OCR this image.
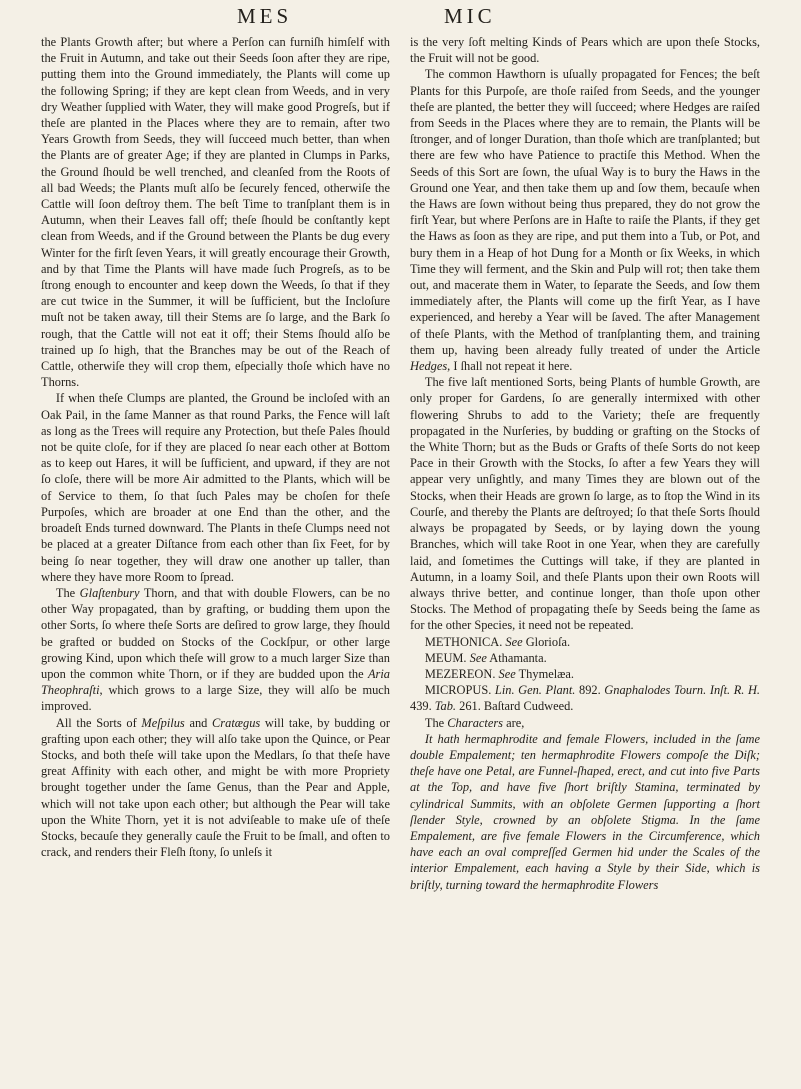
MES	MIC

the Plants Growth after; but where a Perſon can furniſh himſelf with the Fruit in Autumn, and take out their Seeds ſoon after they are ripe, putting them into the Ground immediately, the Plants will come up the following Spring; if they are kept clean from Weeds, and in very dry Weather ſupplied with Water, they will make good Progreſs, but if theſe are planted in the Places where they are to remain, after two Years Growth from Seeds, they will ſucceed much better, than when the Plants are of greater Age; if they are planted in Clumps in Parks, the Ground ſhould be well trenched, and cleanſed from the Roots of all bad Weeds; the Plants muſt alſo be ſecurely fenced, otherwiſe the Cattle will ſoon deſtroy them. The beſt Time to tranſplant them is in Autumn, when their Leaves fall off; theſe ſhould be conſtantly kept clean from Weeds, and if the Ground between the Plants be dug every Winter for the firſt ſeven Years, it will greatly encourage their Growth, and by that Time the Plants will have made ſuch Progreſs, as to be ſtrong enough to encounter and keep down the Weeds, ſo that if they are cut twice in the Summer, it will be ſufficient, but the Incloſure muſt not be taken away, till their Stems are ſo large, and the Bark ſo rough, that the Cattle will not eat it off; their Stems ſhould alſo be trained up ſo high, that the Branches may be out of the Reach of Cattle, otherwiſe they will crop them, eſpecially thoſe which have no Thorns.

If when theſe Clumps are planted, the Ground be incloſed with an Oak Pail, in the ſame Manner as that round Parks, the Fence will laſt as long as the Trees will require any Protection, but theſe Pales ſhould not be quite cloſe, for if they are placed ſo near each other at Bottom as to keep out Hares, it will be ſufficient, and upward, if they are not ſo cloſe, there will be more Air admitted to the Plants, which will be of Service to them, ſo that ſuch Pales may be choſen for theſe Purpoſes, which are broader at one End than the other, and the broadeſt Ends turned downward. The Plants in theſe Clumps need not be placed at a greater Diſtance from each other than ſix Feet, for by being ſo near together, they will draw one another up taller, than where they have more Room to ſpread.

The Glaſtenbury Thorn, and that with double Flowers, can be no other Way propagated, than by grafting, or budding them upon the other Sorts, ſo where theſe Sorts are deſired to grow large, they ſhould be grafted or budded on Stocks of the Cockſpur, or other large growing Kind, upon which theſe will grow to a much larger Size than upon the common white Thorn, or if they are budded upon the Aria Theophraſti, which grows to a large Size, they will alſo be much improved.

All the Sorts of Meſpilus and Cratægus will take, by budding or grafting upon each other; they will alſo take upon the Quince, or Pear Stocks, and both theſe will take upon the Medlars, ſo that theſe have great Affinity with each other, and might be with more Propriety brought together under the ſame Genus, than the Pear and Apple, which will not take upon each other; but although the Pear will take upon the White Thorn, yet it is not adviſeable to make uſe of theſe Stocks, becauſe they generally cauſe the Fruit to be ſmall, and often to crack, and renders their Fleſh ſtony, ſo unleſs it

is the very ſoft melting Kinds of Pears which are upon theſe Stocks, the Fruit will not be good.

The common Hawthorn is uſually propagated for Fences; the beſt Plants for this Purpoſe, are thoſe raiſed from Seeds, and the younger theſe are planted, the better they will ſucceed; where Hedges are raiſed from Seeds in the Places where they are to remain, the Plants will be ſtronger, and of longer Duration, than thoſe which are tranſplanted; but there are few who have Patience to practiſe this Method. When the Seeds of this Sort are ſown, the uſual Way is to bury the Haws in the Ground one Year, and then take them up and ſow them, becauſe when the Haws are ſown without being thus prepared, they do not grow the firſt Year, but where Perſons are in Haſte to raiſe the Plants, if they get the Haws as ſoon as they are ripe, and put them into a Tub, or Pot, and bury them in a Heap of hot Dung for a Month or ſix Weeks, in which Time they will ferment, and the Skin and Pulp will rot; then take them out, and macerate them in Water, to ſeparate the Seeds, and ſow them immediately after, the Plants will come up the firſt Year, as I have experienced, and hereby a Year will be ſaved. The after Management of theſe Plants, with the Method of tranſplanting them, and training them up, having been already fully treated of under the Article Hedges, I ſhall not repeat it here.

The five laſt mentioned Sorts, being Plants of humble Growth, are only proper for Gardens, ſo are generally intermixed with other flowering Shrubs to add to the Variety; theſe are frequently propagated in the Nurſeries, by budding or grafting on the Stocks of the White Thorn; but as the Buds or Grafts of theſe Sorts do not keep Pace in their Growth with the Stocks, ſo after a few Years they will appear very unſightly, and many Times they are blown out of the Stocks, when their Heads are grown ſo large, as to ſtop the Wind in its Courſe, and thereby the Plants are deſtroyed; ſo that theſe Sorts ſhould always be propagated by Seeds, or by laying down the young Branches, which will take Root in one Year, when they are carefully laid, and ſometimes the Cuttings will take, if they are planted in Autumn, in a loamy Soil, and theſe Plants upon their own Roots will always thrive better, and continue longer, than thoſe upon other Stocks. The Method of propagating theſe by Seeds being the ſame as for the other Species, it need not be repeated.

METHONICA. See Glorioſa.

MEUM. See Athamanta.

MEZEREON. See Thymelæa.

MICROPUS. Lin. Gen. Plant. 892. Gnaphalodes Tourn. Inſt. R. H. 439. Tab. 261. Baſtard Cudweed.

The Characters are,

It hath hermaphrodite and female Flowers, included in the ſame double Empalement; ten hermaphrodite Flowers compoſe the Diſk; theſe have one Petal, are Funnel-ſhaped, erect, and cut into five Parts at the Top, and have five ſhort briſtly Stamina, terminated by cylindrical Summits, with an obſolete Germen ſupporting a ſhort ſlender Style, crowned by an obſolete Stigma. In the ſame Empalement, are five female Flowers in the Circumference, which have each an oval compreſſed Germen hid under the Scales of the interior Empalement, each having a Style by their Side, which is briſtly, turning toward the hermaphrodite Flowers
